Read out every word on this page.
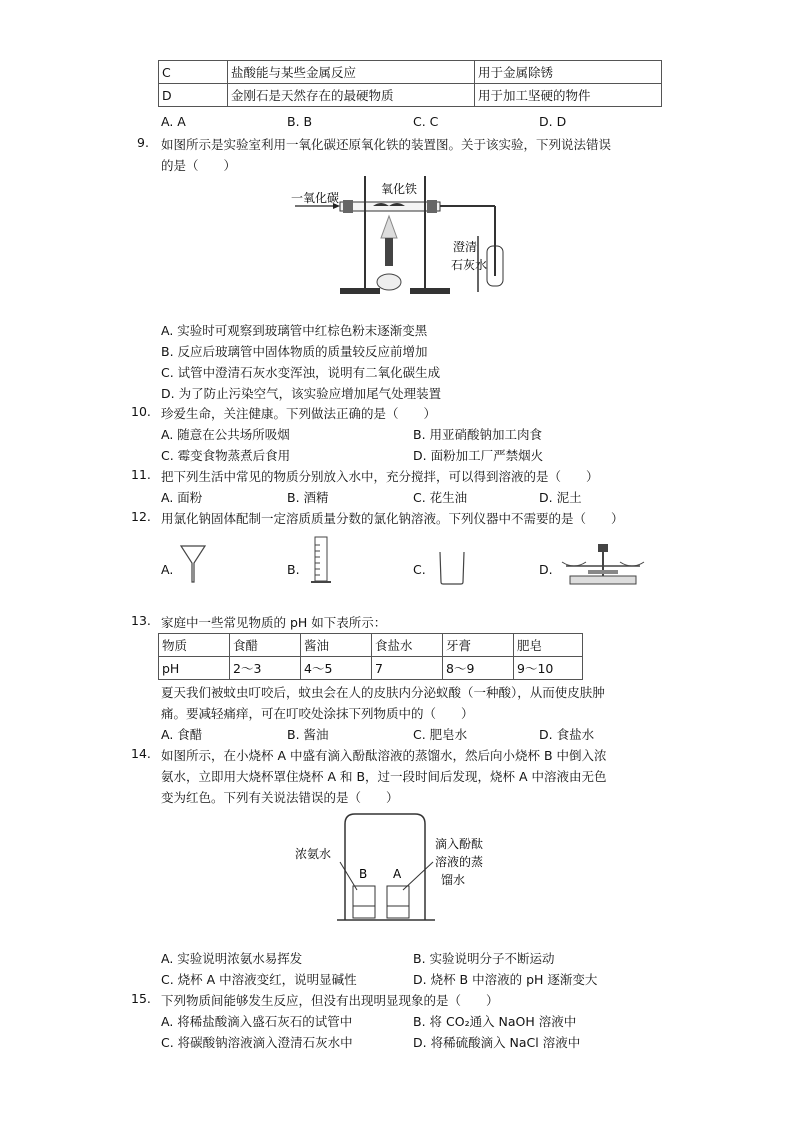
C	盐酸能与某些金属反应	用于金属除锈
D	金刚石是天然存在的最硬物质	用于加工坚硬的物件
A. A	B. B	C. C	D. D
9. 如图所示是实验室利用一氧化碳还原氧化铁的装置图。关于该实验，下列说法错误
的是（　　）
一氧化碳
氧化铁
澄清
石灰水
A. 实验时可观察到玻璃管中红棕色粉末逐渐变黑
B. 反应后玻璃管中固体物质的质量较反应前增加
C. 试管中澄清石灰水变浑浊，说明有二氧化碳生成
D. 为了防止污染空气，该实验应增加尾气处理装置
10. 珍爱生命，关注健康。下列做法正确的是（　　）
A. 随意在公共场所吸烟	B. 用亚硝酸钠加工肉食
C. 霉变食物蒸煮后食用	D. 面粉加工厂严禁烟火
11. 把下列生活中常见的物质分别放入水中，充分搅拌，可以得到溶液的是（　　）
A. 面粉	B. 酒精	C. 花生油	D. 泥土
12. 用氯化钠固体配制一定溶质质量分数的氯化钠溶液。下列仪器中不需要的是（　　）
A.	B.	C.	D.
13. 家庭中一些常见物质的 pH 如下表所示：
物质	食醋	酱油	食盐水	牙膏	肥皂
pH	2～3	4～5	7	8～9	9～10
夏天我们被蚊虫叮咬后，蚊虫会在人的皮肤内分泌蚁酸（一种酸），从而使皮肤肿
痛。要减轻痛痒，可在叮咬处涂抹下列物质中的（　　）
A. 食醋	B. 酱油	C. 肥皂水	D. 食盐水
14. 如图所示，在小烧杯 A 中盛有滴入酚酞溶液的蒸馏水，然后向小烧杯 B 中倒入浓
氨水，立即用大烧杯罩住烧杯 A 和 B，过一段时间后发现，烧杯 A 中溶液由无色
变为红色。下列有关说法错误的是（　　）
浓氨水
B A
滴入酚酞
溶液的蒸
馏水
A. 实验说明浓氨水易挥发	B. 实验说明分子不断运动
C. 烧杯 A 中溶液变红，说明显碱性	D. 烧杯 B 中溶液的 pH 逐渐变大
15. 下列物质间能够发生反应，但没有出现明显现象的是（　　）
A. 将稀盐酸滴入盛石灰石的试管中	B. 将 CO₂通入 NaOH 溶液中
C. 将碳酸钠溶液滴入澄清石灰水中	D. 将稀硫酸滴入 NaCl 溶液中
